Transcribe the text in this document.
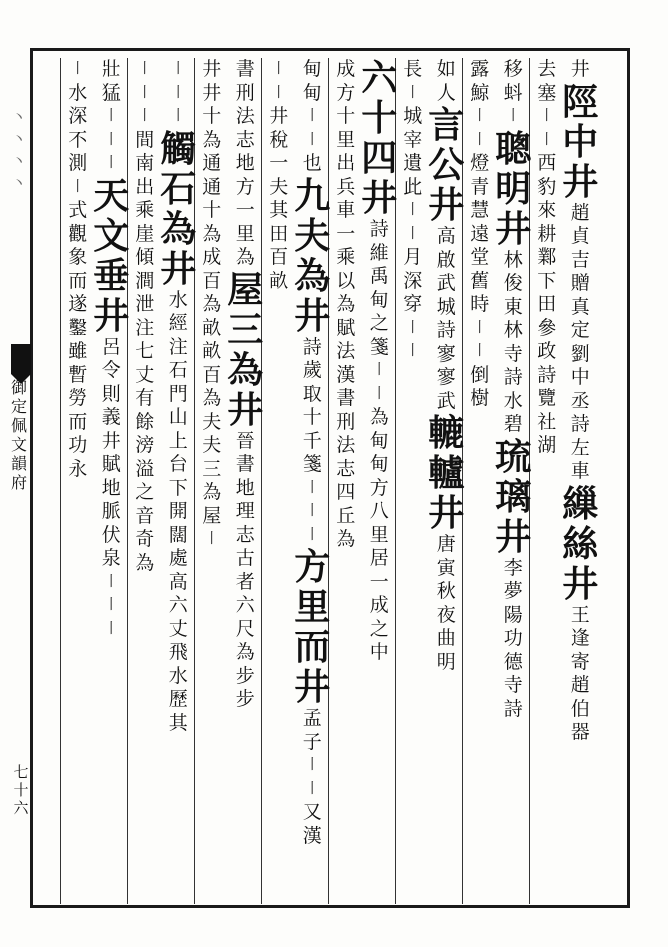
丶丶丶丶
御定佩文韻府
七十六
井
陘
中
井
趙
貞
吉
贈
真
定
劉
中
丞
詩
左
車
繅
絲
井
王
逢
寄
趙
伯
器
去
塞
丨
丨
西
豹
來
耕
鄴
下
田
參
政
詩
覽
社
湖
移
蚪
丨
聰
明
井
林
俊
東
林
寺
詩
水
碧
琉
璃
井
李
夢
陽
功
德
寺
詩
露
鯨
丨
丨
燈
青
慧
遠
堂
舊
時
丨
丨
倒
樹
如
人
言
公
井
高
啟
武
城
詩
寥
寥
武
轆
轤
井
唐
寅
秋
夜
曲
明
長
丨
城
宰
遺
此
丨
丨
月
深
穿
丨
丨
六
十
四
井
詩
維
禹
甸
之
箋
丨
丨
為
甸
甸
方
八
里
居
一
成
之
中
成
方
十
里
出
兵
車
一
乘
以
為
賦
法
漢
書
刑
法
志
四
丘
為
甸
甸
丨
丨
也
九
夫
為
井
詩
歲
取
十
千
箋
丨
丨
丨
方
里
而
井
孟
子
丨
丨
又
漢
丨
丨
井
稅
一
夫
其
田
百
畝
書
刑
法
志
地
方
一
里
為
屋
三
為
井
晉
書
地
理
志
古
者
六
尺
為
步
步
井
井
十
為
通
通
十
為
成
百
為
畝
畝
百
為
夫
夫
三
為
屋
丨
丨
丨
丨
觸
石
為
井
水
經
注
石
門
山
上
台
下
開
闊
處
高
六
丈
飛
水
歷
其
丨
丨
丨
間
南
出
乘
崖
傾
澗
泄
注
七
丈
有
餘
滂
溢
之
音
奇
為
壯
猛
丨
丨
丨
天
文
垂
井
呂
令
則
義
井
賦
地
脈
伏
泉
丨
丨
丨
丨
水
深
不
測
丨
式
觀
象
而
遂
鑿
雖
暫
勞
而
功
永
